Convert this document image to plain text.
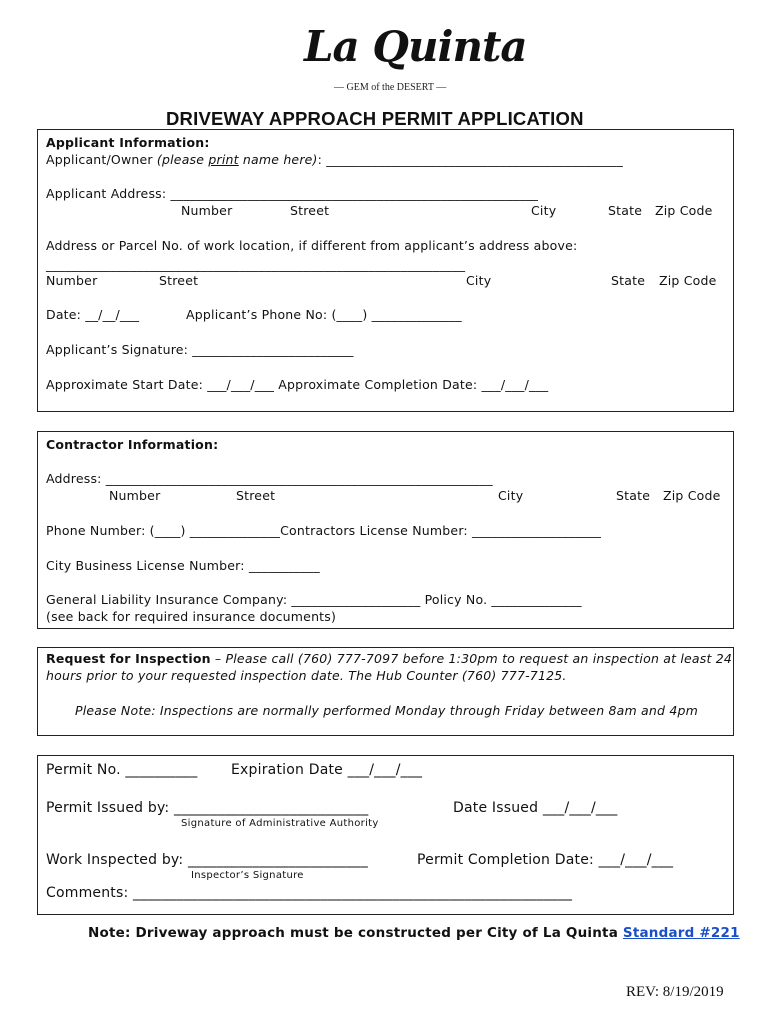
La Quinta
— GEM of the DESERT —
DRIVEWAY APPROACH PERMIT APPLICATION
Applicant Information:
Applicant/Owner (please print name here): ______________________________________________
Applicant Address: _________________________________________________________
Number	Street	City	State Zip Code
Address or Parcel No. of work location, if different from applicant’s address above:
_________________________________________________________________
Number	Street	City	State Zip Code
Date: __/__/___	Applicant’s Phone No: (____) ______________
Applicant’s Signature: _________________________
Approximate Start Date: ___/___/___ Approximate Completion Date: ___/___/___
Contractor Information:
Address: ____________________________________________________________
Number	Street	City	State Zip Code
Phone Number: (____) ______________Contractors License Number: ____________________
City Business License Number: ___________
General Liability Insurance Company: ____________________ Policy No. ______________
(see back for required insurance documents)
Request for Inspection – Please call (760) 777-7097 before 1:30pm to request an inspection at least 24
hours prior to your requested inspection date. The Hub Counter (760) 777-7125.
Please Note: Inspections are normally performed Monday through Friday between 8am and 4pm
Permit No. __________ Expiration Date ___/___/___
Permit Issued by: ___________________________	Date Issued ___/___/___
Signature of Administrative Authority
Work Inspected by: _________________________	Permit Completion Date: ___/___/___
Inspector’s Signature
Comments: _____________________________________________________________
Note: Driveway approach must be constructed per City of La Quinta Standard #221
REV: 8/19/2019
